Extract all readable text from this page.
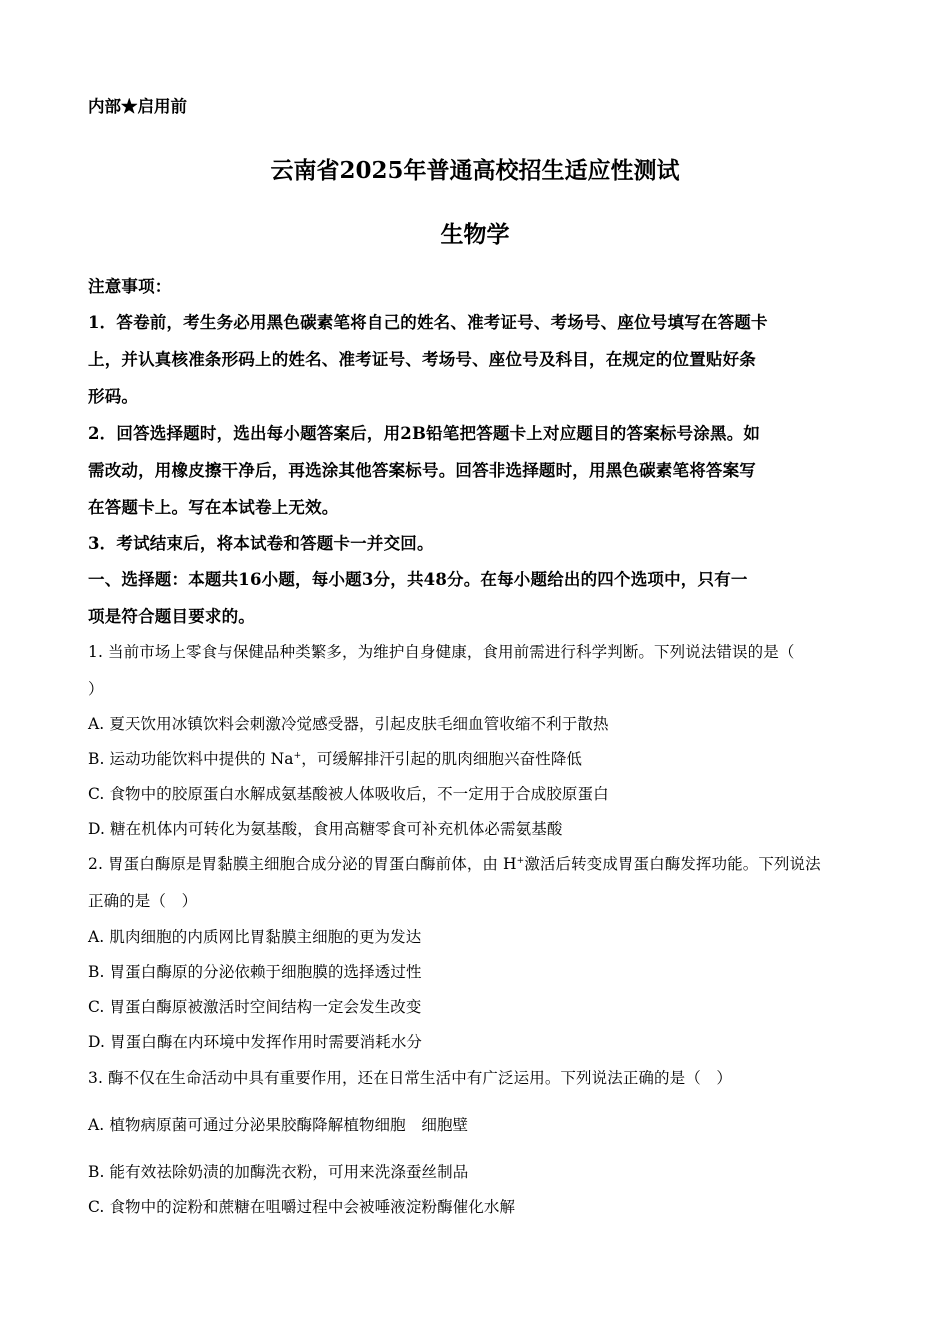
内部★启用前
云南省2025年普通高校招生适应性测试
生物学
注意事项：
1．答卷前，考生务必用黑色碳素笔将自己的姓名、准考证号、考场号、座位号填写在答题卡
上，并认真核准条形码上的姓名、准考证号、考场号、座位号及科目，在规定的位置贴好条
形码。
2．回答选择题时，选出每小题答案后，用2B铅笔把答题卡上对应题目的答案标号涂黑。如
需改动，用橡皮擦干净后，再选涂其他答案标号。回答非选择题时，用黑色碳素笔将答案写
在答题卡上。写在本试卷上无效。
3．考试结束后，将本试卷和答题卡一并交回。
一、选择题：本题共16小题，每小题3分，共48分。在每小题给出的四个选项中，只有一
项是符合题目要求的。
1. 当前市场上零食与保健品种类繁多，为维护自身健康，食用前需进行科学判断。下列说法错误的是（
）
A. 夏天饮用冰镇饮料会刺激冷觉感受器，引起皮肤毛细血管收缩不利于散热
B. 运动功能饮料中提供的 Na+，可缓解排汗引起的肌肉细胞兴奋性降低
C. 食物中的胶原蛋白水解成氨基酸被人体吸收后，不一定用于合成胶原蛋白
D. 糖在机体内可转化为氨基酸，食用高糖零食可补充机体必需氨基酸
2. 胃蛋白酶原是胃黏膜主细胞合成分泌的胃蛋白酶前体，由 H+激活后转变成胃蛋白酶发挥功能。下列说法
正确的是（　）
A. 肌肉细胞的内质网比胃黏膜主细胞的更为发达
B. 胃蛋白酶原的分泌依赖于细胞膜的选择透过性
C. 胃蛋白酶原被激活时空间结构一定会发生改变
D. 胃蛋白酶在内环境中发挥作用时需要消耗水分
3. 酶不仅在生命活动中具有重要作用，还在日常生活中有广泛运用。下列说法正确的是（　）
A. 植物病原菌可通过分泌果胶酶降解植物细胞　细胞壁
B. 能有效祛除奶渍的加酶洗衣粉，可用来洗涤蚕丝制品
C. 食物中的淀粉和蔗糖在咀嚼过程中会被唾液淀粉酶催化水解
